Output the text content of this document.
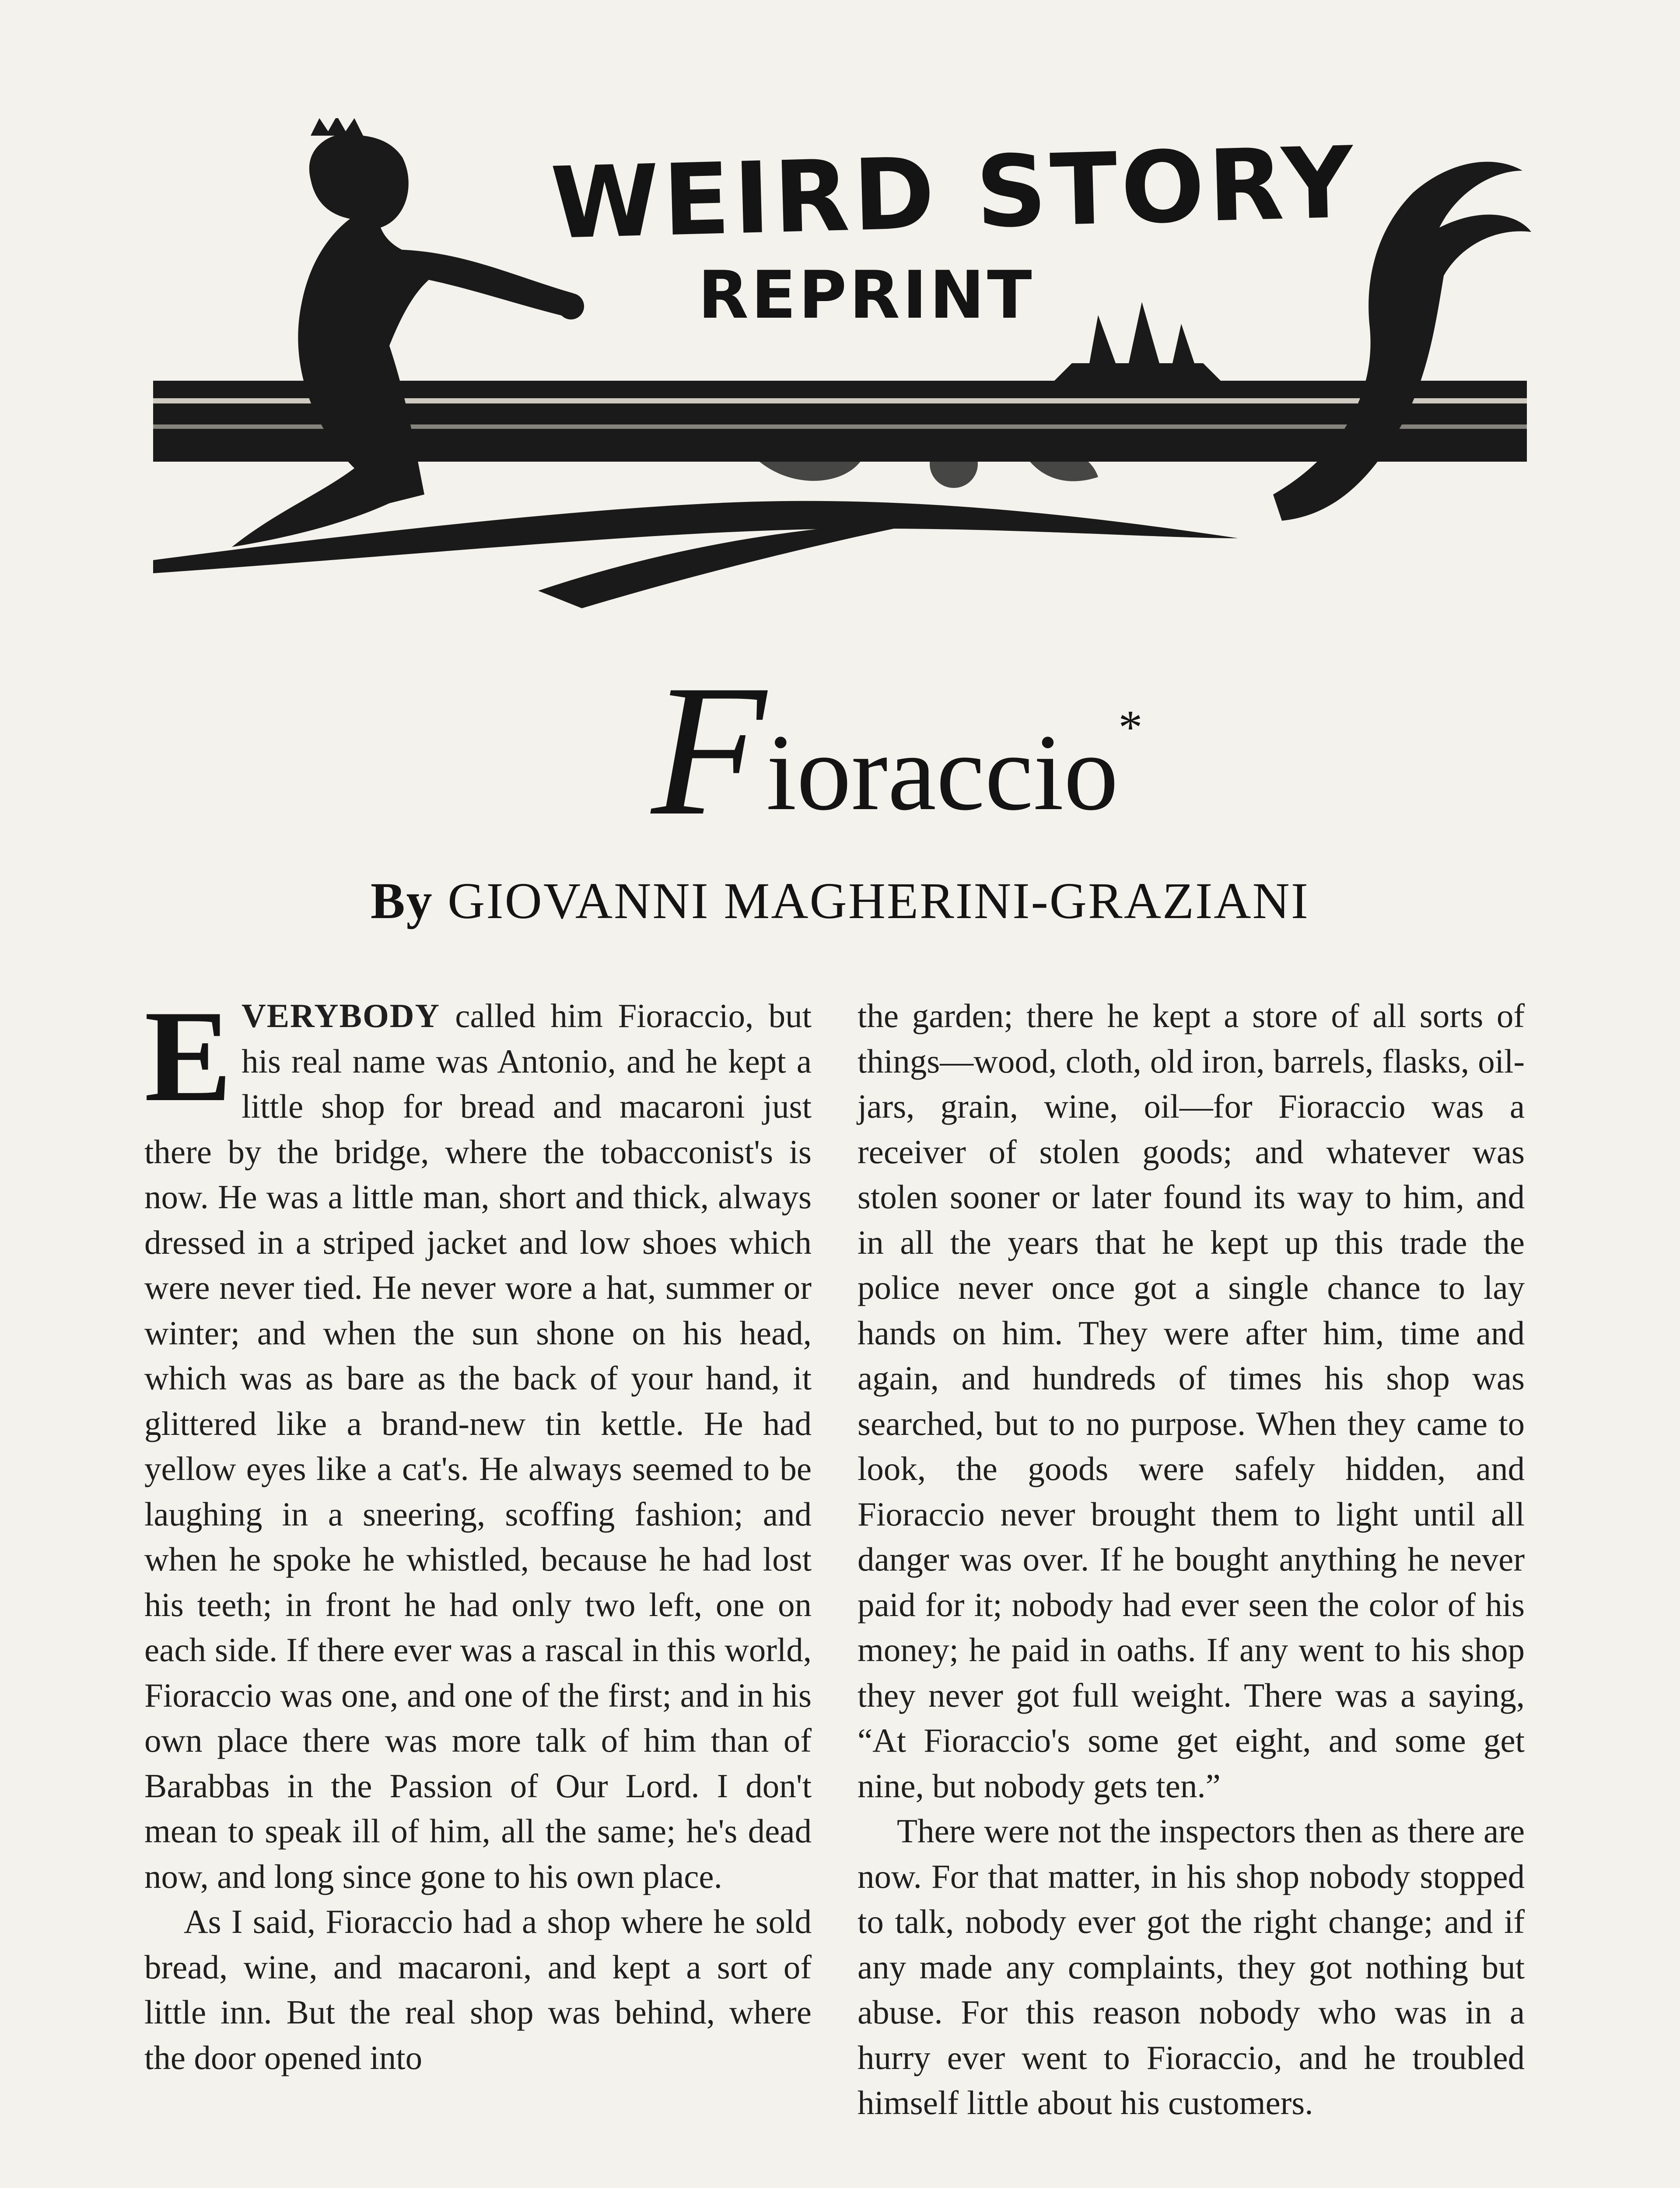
WEIRD STORY
REPRINT
Fioraccio*
By GIOVANNI MAGHERINI-GRAZIANI

EVERYBODY called him Fioraccio, but his real name was Antonio, and he kept a little shop for bread and macaroni just there by the bridge, where the tobacconist's is now. He was a little man, short and thick, always dressed in a striped jacket and low shoes which were never tied. He never wore a hat, summer or winter; and when the sun shone on his head, which was as bare as the back of your hand, it glittered like a brand-new tin kettle. He had yellow eyes like a cat's. He always seemed to be laughing in a sneering, scoffing fashion; and when he spoke he whistled, because he had lost his teeth; in front he had only two left, one on each side. If there ever was a rascal in this world, Fioraccio was one, and one of the first; and in his own place there was more talk of him than of Barabbas in the Passion of Our Lord. I don't mean to speak ill of him, all the same; he's dead now, and long since gone to his own place.

As I said, Fioraccio had a shop where he sold bread, wine, and macaroni, and kept a sort of little inn. But the real shop was behind, where the door opened into

the garden; there he kept a store of all sorts of things—wood, cloth, old iron, barrels, flasks, oil-jars, grain, wine, oil—for Fioraccio was a receiver of stolen goods; and whatever was stolen sooner or later found its way to him, and in all the years that he kept up this trade the police never once got a single chance to lay hands on him. They were after him, time and again, and hundreds of times his shop was searched, but to no purpose. When they came to look, the goods were safely hidden, and Fioraccio never brought them to light until all danger was over. If he bought anything he never paid for it; nobody had ever seen the color of his money; he paid in oaths. If any went to his shop they never got full weight. There was a saying, “At Fioraccio's some get eight, and some get nine, but nobody gets ten.”

There were not the inspectors then as there are now. For that matter, in his shop nobody stopped to talk, nobody ever got the right change; and if any made any complaints, they got nothing but abuse. For this reason nobody who was in a hurry ever went to Fioraccio, and he troubled himself little about his customers.
